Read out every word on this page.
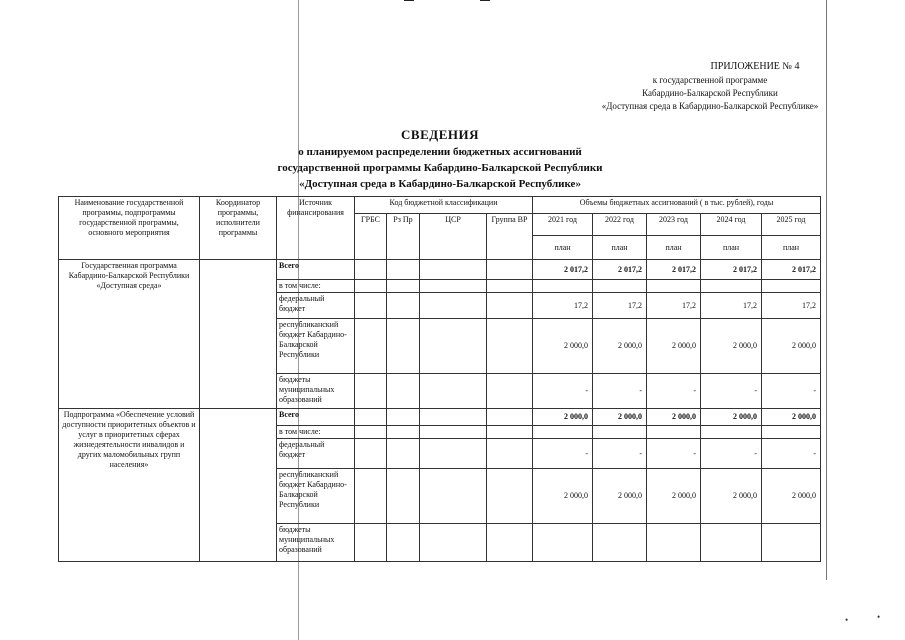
•	•
ПРИЛОЖЕНИЕ № 4
к государственной программе
Кабардино-Балкарской Республики
«Доступная среда в Кабардино-Балкарской Республике»
СВЕДЕНИЯ
о планируемом распределении бюджетных ассигнований
государственной программы Кабардино-Балкарской Республики
«Доступная среда в Кабардино-Балкарской Республике»
Наименование государственной программы, подпрограммы государственной программы, основного мероприятия	Координатор программы, исполнители программы	Источник финансирования	Код бюджетной классификации				Объемы бюджетных ассигнований ( в тыс. рублей), годы				
			ГРБС	Рз Пр	ЦСР	Группа ВР	2021 год	2022 год	2023 год	2024 год	2025 год
							план	план	план	план	план
Государственная программа Кабардино-Балкарской Республики «Доступная среда»		Всего					2 017,2	2 017,2	2 017,2	2 017,2	2 017,2
		в том числе:									
		федеральный бюджет					17,2	17,2	17,2	17,2	17,2
		республиканский бюджет Кабардино-Балкарской Республики					2 000,0	2 000,0	2 000,0	2 000,0	2 000,0
		бюджеты муниципальных образований					-	-	-	-	-
Подпрограмма «Обеспечение условий доступности приоритетных объектов и услуг в приоритетных сферах жизнедеятельности инвалидов и других маломобильных групп населения»		Всего					2 000,0	2 000,0	2 000,0	2 000,0	2 000,0
		в том числе:									
		федеральный бюджет					-	-	-	-	-
		республиканский бюджет Кабардино-Балкарской Республики					2 000,0	2 000,0	2 000,0	2 000,0	2 000,0
		бюджеты муниципальных образований									
